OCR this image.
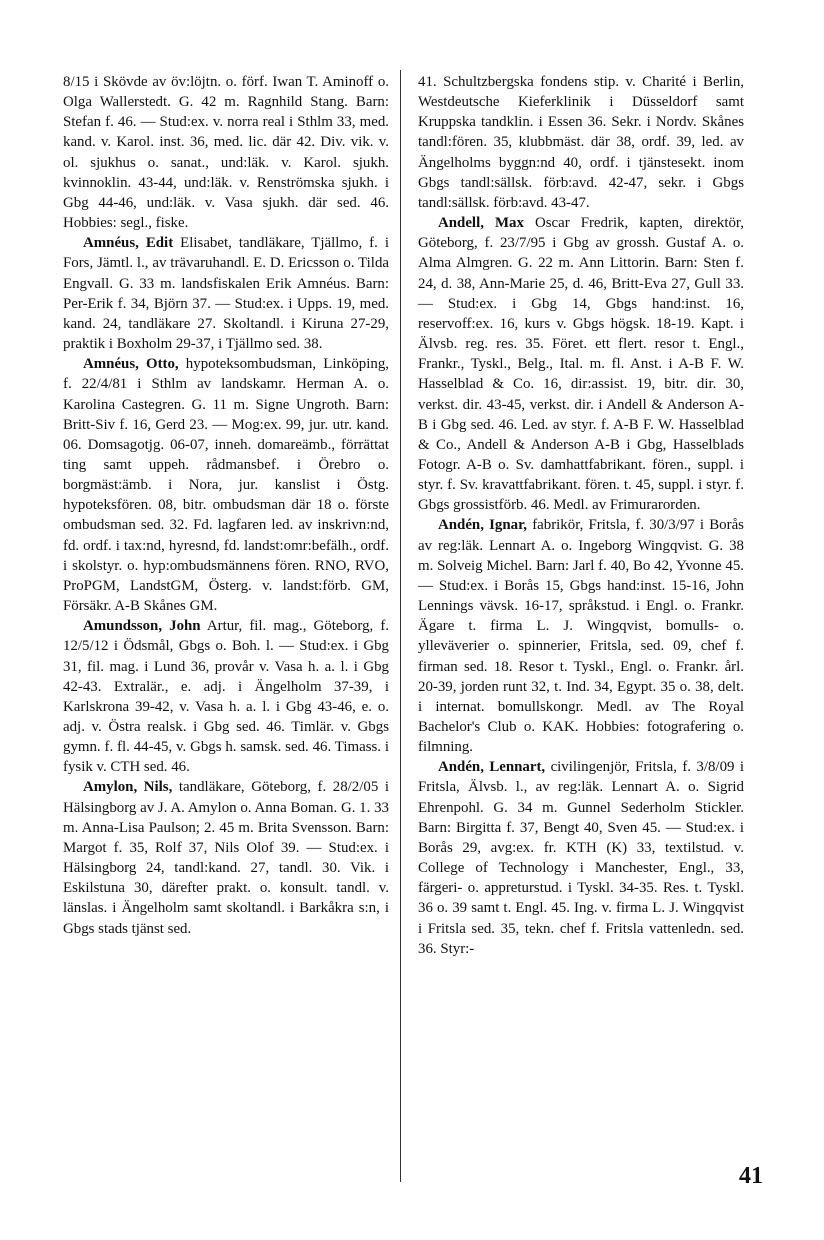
8/15 i Skövde av öv:löjtn. o. förf. Iwan T. Aminoff o. Olga Wallerstedt. G. 42 m. Ragnhild Stang. Barn: Stefan f. 46. — Stud:ex. v. norra real i Sthlm 33, med. kand. v. Karol. inst. 36, med. lic. där 42. Div. vik. v. ol. sjukhus o. sanat., und:läk. v. Karol. sjukh. kvinnoklin. 43-44, und:läk. v. Renströmska sjukh. i Gbg 44-46, und:läk. v. Vasa sjukh. där sed. 46. Hobbies: segl., fiske.

Amnéus, Edit Elisabet, tandläkare, Tjällmo, f. i Fors, Jämtl. l., av trävaruhandl. E. D. Ericsson o. Tilda Engvall. G. 33 m. landsfiskalen Erik Amnéus. Barn: Per-Erik f. 34, Björn 37. — Stud:ex. i Upps. 19, med. kand. 24, tandläkare 27. Skoltandl. i Kiruna 27-29, praktik i Boxholm 29-37, i Tjällmo sed. 38.

Amnéus, Otto, hypoteksombudsman, Linköping, f. 22/4/81 i Sthlm av landskamr. Herman A. o. Karolina Castegren. G. 11 m. Signe Ungroth. Barn: Britt-Siv f. 16, Gerd 23. — Mog:ex. 99, jur. utr. kand. 06. Domsagotjg. 06-07, inneh. domareämb., förrättat ting samt uppeh. rådmansbef. i Örebro o. borgmäst:ämb. i Nora, jur. kanslist i Östg. hypoteksfören. 08, bitr. ombudsman där 18 o. förste ombudsman sed. 32. Fd. lagfaren led. av inskrivn:nd, fd. ordf. i tax:nd, hyresnd, fd. landst:omr:befälh., ordf. i skolstyr. o. hyp:ombudsmännens fören. RNO, RVO, ProPGM, LandstGM, Österg. v. landst:förb. GM, Försäkr. A-B Skånes GM.

Amundsson, John Artur, fil. mag., Göteborg, f. 12/5/12 i Ödsmål, Gbgs o. Boh. l. — Stud:ex. i Gbg 31, fil. mag. i Lund 36, provår v. Vasa h. a. l. i Gbg 42-43. Extralär., e. adj. i Ängelholm 37-39, i Karlskrona 39-42, v. Vasa h. a. l. i Gbg 43-46, e. o. adj. v. Östra realsk. i Gbg sed. 46. Timlär. v. Gbgs gymn. f. fl. 44-45, v. Gbgs h. samsk. sed. 46. Timass. i fysik v. CTH sed. 46.

Amylon, Nils, tandläkare, Göteborg, f. 28/2/05 i Hälsingborg av J. A. Amylon o. Anna Boman. G. 1. 33 m. Anna-Lisa Paulson; 2. 45 m. Brita Svensson. Barn: Margot f. 35, Rolf 37, Nils Olof 39. — Stud:ex. i Hälsingborg 24, tandl:kand. 27, tandl. 30. Vik. i Eskilstuna 30, därefter prakt. o. konsult. tandl. v. länslas. i Ängelholm samt skoltandl. i Barkåkra s:n, i Gbgs stads tjänst sed.

41. Schultzbergska fondens stip. v. Charité i Berlin, Westdeutsche Kieferklinik i Düsseldorf samt Kruppska tandklin. i Essen 36. Sekr. i Nordv. Skånes tandl:fören. 35, klubbmäst. där 38, ordf. 39, led. av Ängelholms byggn:nd 40, ordf. i tjänstesekt. inom Gbgs tandl:sällsk. förb:avd. 42-47, sekr. i Gbgs tandl:sällsk. förb:avd. 43-47.

Andell, Max Oscar Fredrik, kapten, direktör, Göteborg, f. 23/7/95 i Gbg av grossh. Gustaf A. o. Alma Almgren. G. 22 m. Ann Littorin. Barn: Sten f. 24, d. 38, Ann-Marie 25, d. 46, Britt-Eva 27, Gull 33. — Stud:ex. i Gbg 14, Gbgs hand:inst. 16, reservoff:ex. 16, kurs v. Gbgs högsk. 18-19. Kapt. i Älvsb. reg. res. 35. Föret. ett flert. resor t. Engl., Frankr., Tyskl., Belg., Ital. m. fl. Anst. i A-B F. W. Hasselblad & Co. 16, dir:assist. 19, bitr. dir. 30, verkst. dir. 43-45, verkst. dir. i Andell & Anderson A-B i Gbg sed. 46. Led. av styr. f. A-B F. W. Hasselblad & Co., Andell & Anderson A-B i Gbg, Hasselblads Fotogr. A-B o. Sv. damhattfabrikant. fören., suppl. i styr. f. Sv. kravattfabrikant. fören. t. 45, suppl. i styr. f. Gbgs grossistförb. 46. Medl. av Frimurarorden.

Andén, Ignar, fabrikör, Fritsla, f. 30/3/97 i Borås av reg:läk. Lennart A. o. Ingeborg Wingqvist. G. 38 m. Solveig Michel. Barn: Jarl f. 40, Bo 42, Yvonne 45. — Stud:ex. i Borås 15, Gbgs hand:inst. 15-16, John Lennings vävsk. 16-17, språkstud. i Engl. o. Frankr. Ägare t. firma L. J. Wingqvist, bomulls- o. ylleväverier o. spinnerier, Fritsla, sed. 09, chef f. firman sed. 18. Resor t. Tyskl., Engl. o. Frankr. årl. 20-39, jorden runt 32, t. Ind. 34, Egypt. 35 o. 38, delt. i internat. bomullskongr. Medl. av The Royal Bachelor's Club o. KAK. Hobbies: fotografering o. filmning.

Andén, Lennart, civilingenjör, Fritsla, f. 3/8/09 i Fritsla, Älvsb. l., av reg:läk. Lennart A. o. Sigrid Ehrenpohl. G. 34 m. Gunnel Sederholm Stickler. Barn: Birgitta f. 37, Bengt 40, Sven 45. — Stud:ex. i Borås 29, avg:ex. fr. KTH (K) 33, textilstud. v. College of Technology i Manchester, Engl., 33, färgeri- o. appreturstud. i Tyskl. 34-35. Res. t. Tyskl. 36 o. 39 samt t. Engl. 45. Ing. v. firma L. J. Wingqvist i Fritsla sed. 35, tekn. chef f. Fritsla vattenledn. sed. 36. Styr:-

41
